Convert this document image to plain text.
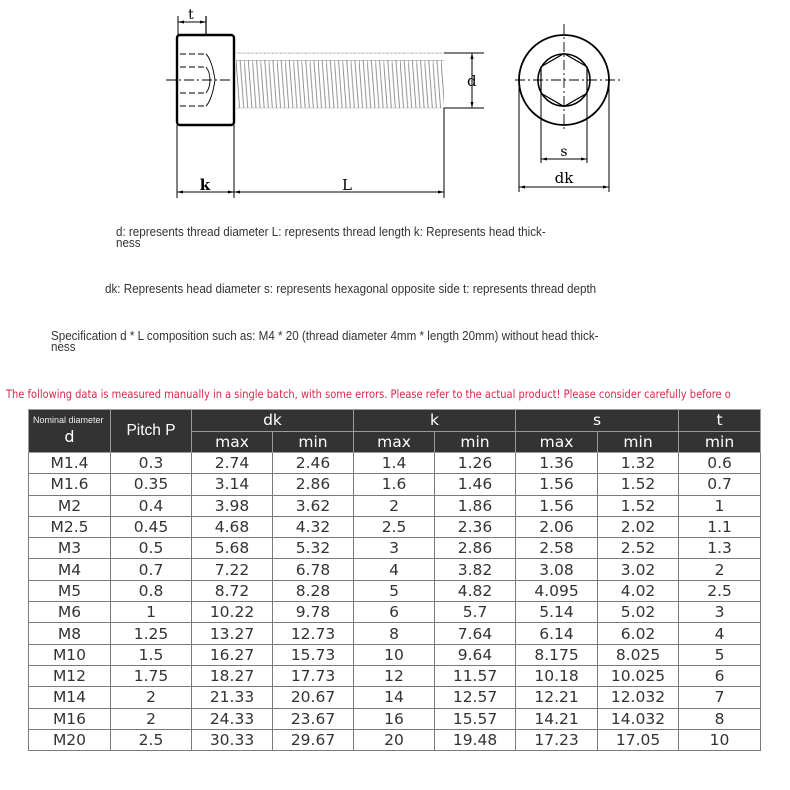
t
d
k	L
s
dk
d: represents thread diameter L: represents thread length k: Represents head thick-
ness
dk: Represents head diameter s: represents hexagonal opposite side t: represents thread depth
Specification d * L composition such as: M4 * 20 (thread diameter 4mm * length 20mm) without head thick-
ness
The following data is measured manually in a single batch, with some errors. Please refer to the actual product! Please consider carefully before o
Nominal diameter
d	Pitch P	dk		k		s		t
		max	min	max	min	max	min	min
M1.4	0.3	2.74	2.46	1.4	1.26	1.36	1.32	0.6
M1.6	0.35	3.14	2.86	1.6	1.46	1.56	1.52	0.7
M2	0.4	3.98	3.62	2	1.86	1.56	1.52	1
M2.5	0.45	4.68	4.32	2.5	2.36	2.06	2.02	1.1
M3	0.5	5.68	5.32	3	2.86	2.58	2.52	1.3
M4	0.7	7.22	6.78	4	3.82	3.08	3.02	2
M5	0.8	8.72	8.28	5	4.82	4.095	4.02	2.5
M6	1	10.22	9.78	6	5.7	5.14	5.02	3
M8	1.25	13.27	12.73	8	7.64	6.14	6.02	4
M10	1.5	16.27	15.73	10	9.64	8.175	8.025	5
M12	1.75	18.27	17.73	12	11.57	10.18	10.025	6
M14	2	21.33	20.67	14	12.57	12.21	12.032	7
M16	2	24.33	23.67	16	15.57	14.21	14.032	8
M20	2.5	30.33	29.67	20	19.48	17.23	17.05	10
